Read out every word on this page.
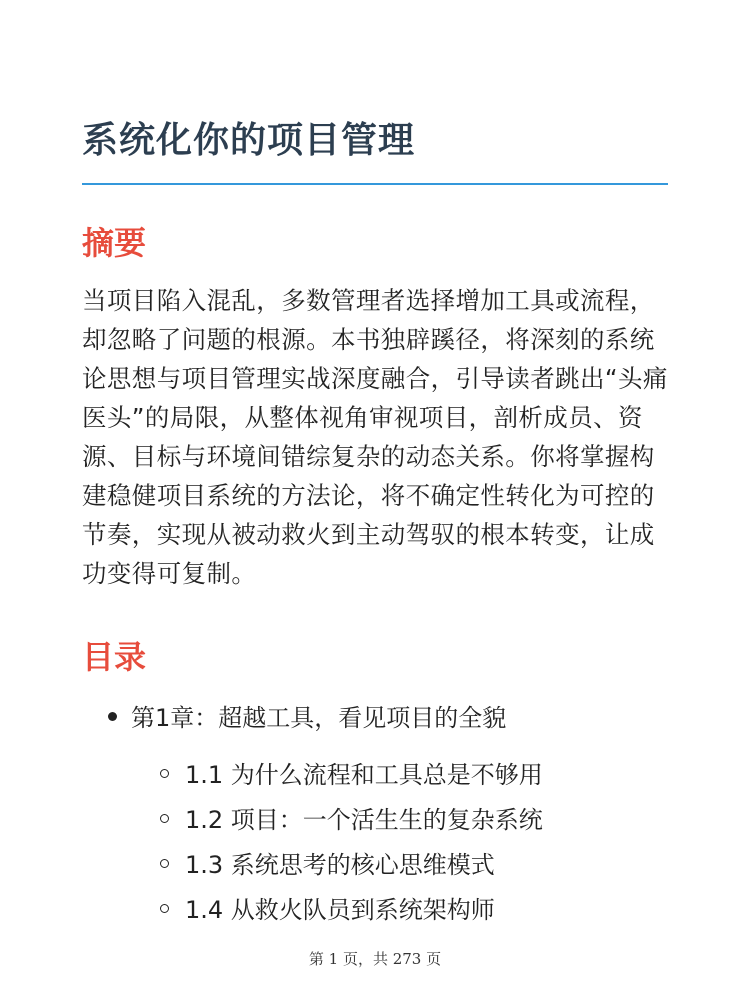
系统化你的项目管理
摘要

当项目陷入混乱，多数管理者选择增加工具或流程，却忽略了问题的根源。本书独辟蹊径，将深刻的系统论思想与项目管理实战深度融合，引导读者跳出“头痛医头”的局限，从整体视角审视项目，剖析成员、资源、目标与环境间错综复杂的动态关系。你将掌握构建稳健项目系统的方法论，将不确定性转化为可控的节奏，实现从被动救火到主动驾驭的根本转变，让成功变得可复制。

目录
第1章：超越工具，看见项目的全貌
1.1 为什么流程和工具总是不够用
1.2 项目：一个活生生的复杂系统
1.3 系统思考的核心思维模式
1.4 从救火队员到系统架构师
第 1 页，共 273 页
